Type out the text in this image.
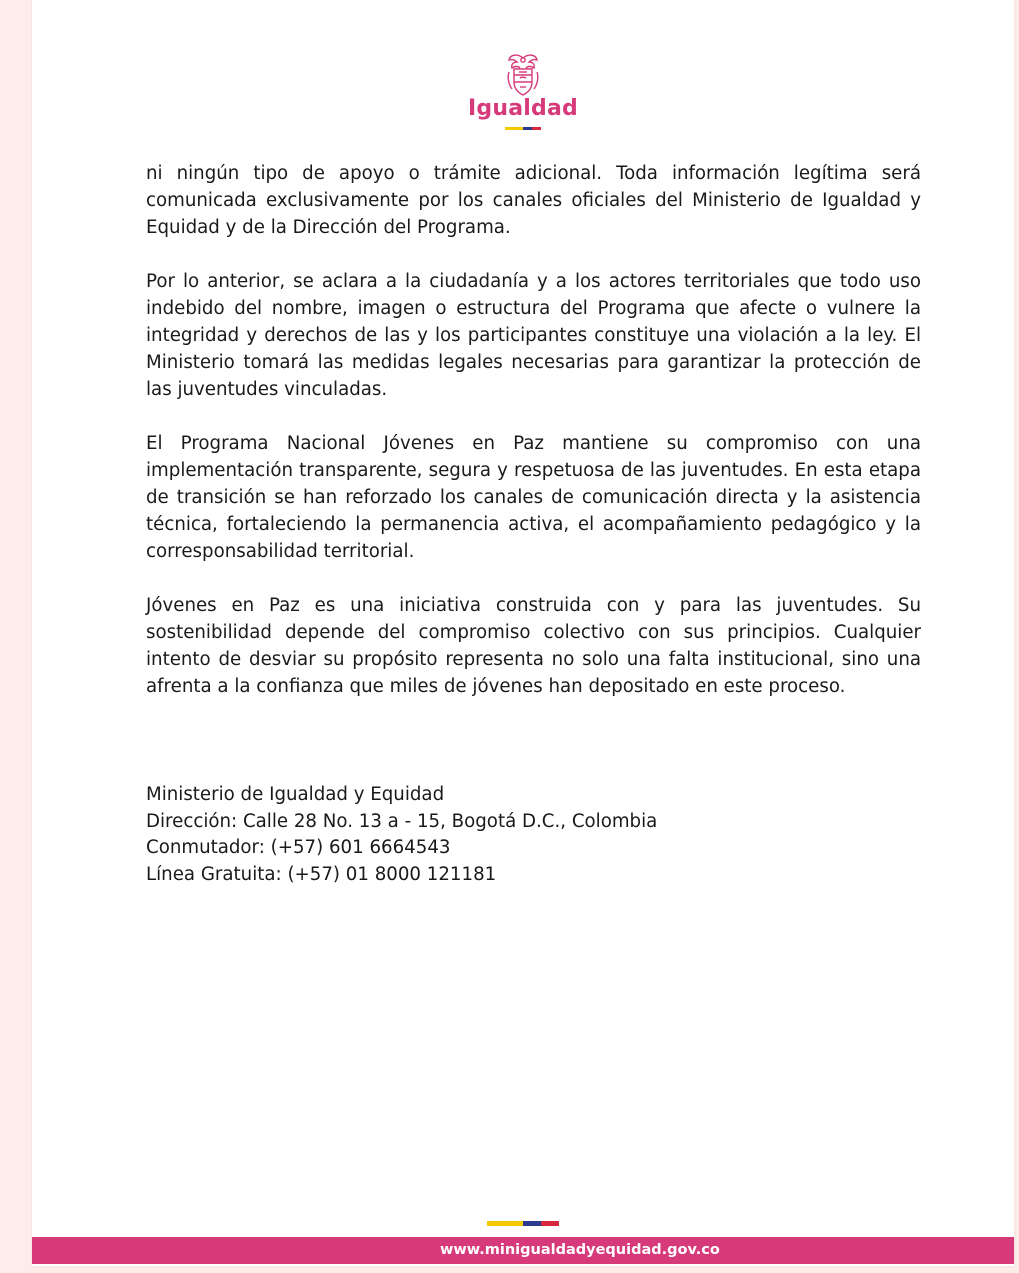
Igualdad

ni ningún tipo de apoyo o trámite adicional. Toda información legítima será comunicada exclusivamente por los canales oficiales del Ministerio de Igualdad y Equidad y de la Dirección del Programa.

Por lo anterior, se aclara a la ciudadanía y a los actores territoriales que todo uso indebido del nombre, imagen o estructura del Programa que afecte o vulnere la integridad y derechos de las y los participantes constituye una violación a la ley. El Ministerio tomará las medidas legales necesarias para garantizar la protección de las juventudes vinculadas.

El Programa Nacional Jóvenes en Paz mantiene su compromiso con una implementación transparente, segura y respetuosa de las juventudes. En esta etapa de transición se han reforzado los canales de comunicación directa y la asistencia técnica, fortaleciendo la permanencia activa, el acompañamiento pedagógico y la corresponsabilidad territorial.

Jóvenes en Paz es una iniciativa construida con y para las juventudes. Su sostenibilidad depende del compromiso colectivo con sus principios. Cualquier intento de desviar su propósito representa no solo una falta institucional, sino una afrenta a la confianza que miles de jóvenes han depositado en este proceso.

Ministerio de Igualdad y Equidad
Dirección: Calle 28 No. 13 a - 15, Bogotá D.C., Colombia
Conmutador: (+57) 601 6664543
Línea Gratuita: (+57) 01 8000 121181
www.minigualdadyequidad.gov.co
